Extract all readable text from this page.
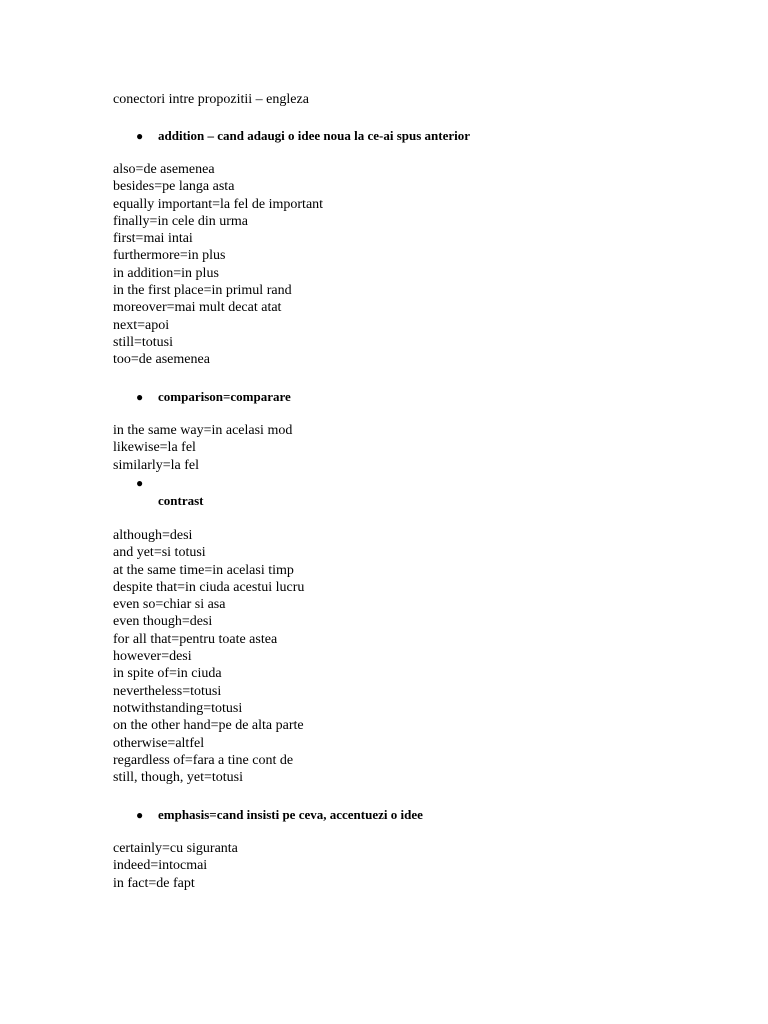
conectori intre propozitii – engleza
● addition – cand adaugi o idee noua la ce-ai spus anterior
also=de asemenea
besides=pe langa asta
equally important=la fel de important
finally=in cele din urma
first=mai intai
furthermore=in plus
in addition=in plus
in the first place=in primul rand
moreover=mai mult decat atat
next=apoi
still=totusi
too=de asemenea
● comparison=comparare
in the same way=in acelasi mod
likewise=la fel
similarly=la fel
●
contrast
although=desi
and yet=si totusi
at the same time=in acelasi timp
despite that=in ciuda acestui lucru
even so=chiar si asa
even though=desi
for all that=pentru toate astea
however=desi
in spite of=in ciuda
nevertheless=totusi
notwithstanding=totusi
on the other hand=pe de alta parte
otherwise=altfel
regardless of=fara a tine cont de
still, though, yet=totusi
● emphasis=cand insisti pe ceva, accentuezi o idee
certainly=cu siguranta
indeed=intocmai
in fact=de fapt
